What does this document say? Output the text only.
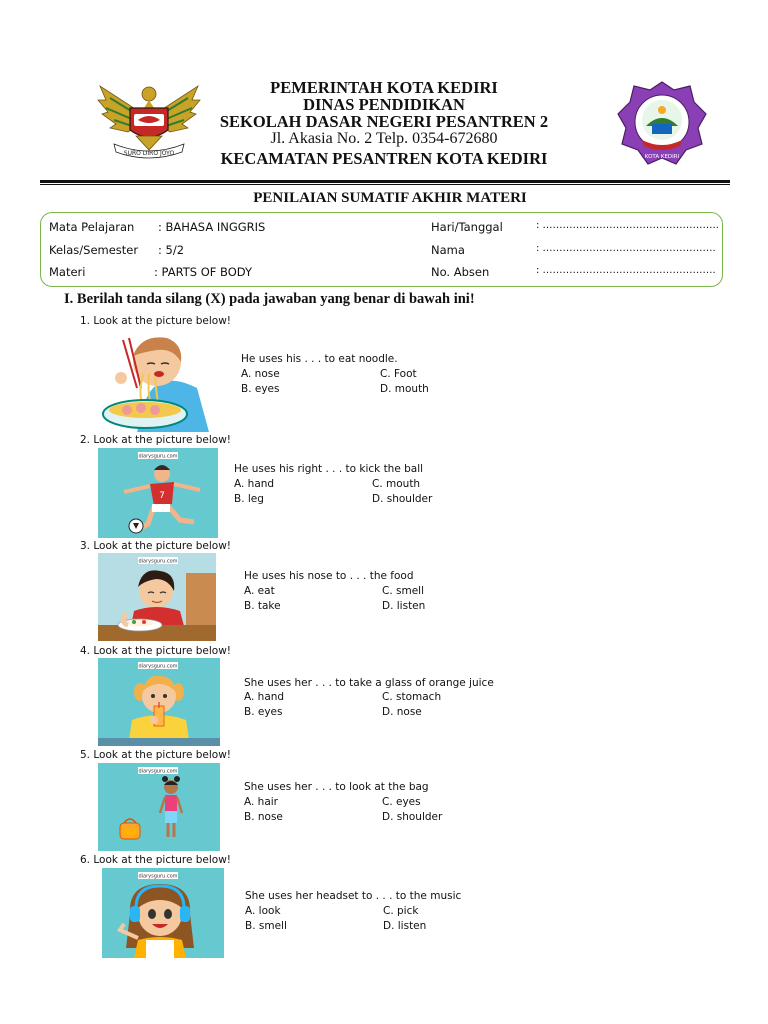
SURO DIRO JOYO	KOTA KEDIRI
PEMERINTAH KOTA KEDIRI
DINAS PENDIDIKAN
SEKOLAH DASAR NEGERI PESANTREN 2
Jl. Akasia No. 2 Telp. 0354-672680
KECAMATAN PESANTREN KOTA KEDIRI
PENILAIAN SUMATIF AKHIR MATERI
Mata Pelajaran : BAHASA INGGRIS
Kelas/Semester : 5/2
Materi	: PARTS OF BODY
Hari/Tanggal	: ……………………………………………..
Nama	: …………………………………………….
No. Absen	: …………………………………………….
I. Berilah tanda silang (X) pada jawaban yang benar di bawah ini!
1. Look at the picture below!
He uses his . . . to eat noodle.
A. nose
B. eyes
C. Foot
D. mouth
2. Look at the picture below!
diarysguru.com
7
He uses his right . . . to kick the ball
A. hand
B. leg
C. mouth
D. shoulder
3. Look at the picture below!
diarysguru.com
He uses his nose to . . . the food
A. eat
B. take
C. smell
D. listen
4. Look at the picture below!
diarysguru.com
She uses her . . . to take a glass of orange juice
A. hand
B. eyes
C. stomach
D. nose
5. Look at the picture below!
diarysguru.com
She uses her . . . to look at the bag
A. hair
B. nose
C. eyes
D. shoulder
6. Look at the picture below!
diarysguru.com
She uses her headset to . . . to the music
A. look
B. smell
C. pick
D. listen
